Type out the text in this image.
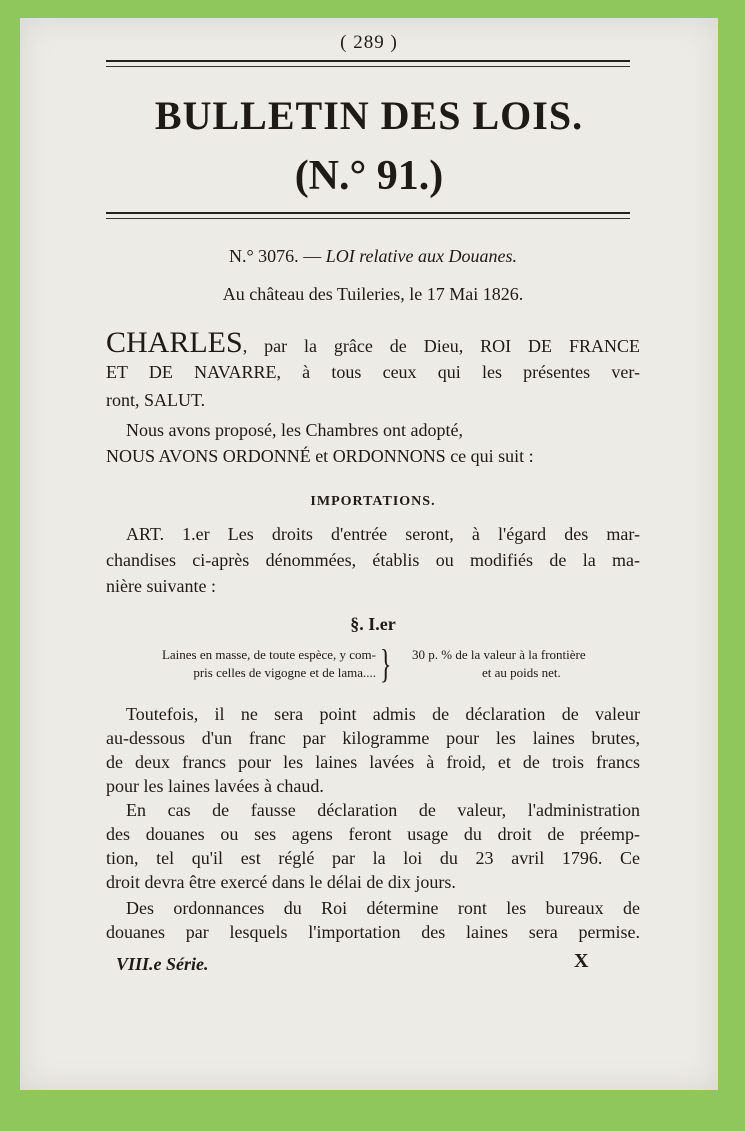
( 289 )
BULLETIN DES LOIS.
(N.° 91.)
N.° 3076. — LOI relative aux Douanes.
Au château des Tuileries, le 17 Mai 1826.
CHARLES, par la grâce de Dieu, ROI DE FRANCE
ET DE NAVARRE, à tous ceux qui les présentes ver-
ront, SALUT.
Nous avons proposé, les Chambres ont adopté,
NOUS AVONS ORDONNÉ et ORDONNONS ce qui suit :
IMPORTATIONS.
ART. 1.er Les droits d'entrée seront, à l'égard des mar-
chandises ci-après dénommées, établis ou modifiés de la ma-
nière suivante :
§. I.er
Laines en masse, de toute espèce, y com-
pris celles de vigogne et de lama.... } 30 p. % de la valeur à la frontière
et au poids net.
Toutefois, il ne sera point admis de déclaration de valeur
au-dessous d'un franc par kilogramme pour les laines brutes,
de deux francs pour les laines lavées à froid, et de trois francs
pour les laines lavées à chaud.
En cas de fausse déclaration de valeur, l'administration
des douanes ou ses agens feront usage du droit de préemp-
tion, tel qu'il est réglé par la loi du 23 avril 1796. Ce
droit devra être exercé dans le délai de dix jours.
Des ordonnances du Roi détermine ront les bureaux de
douanes par lesquels l'importation des laines sera permise.
VIII.e Série.	X
